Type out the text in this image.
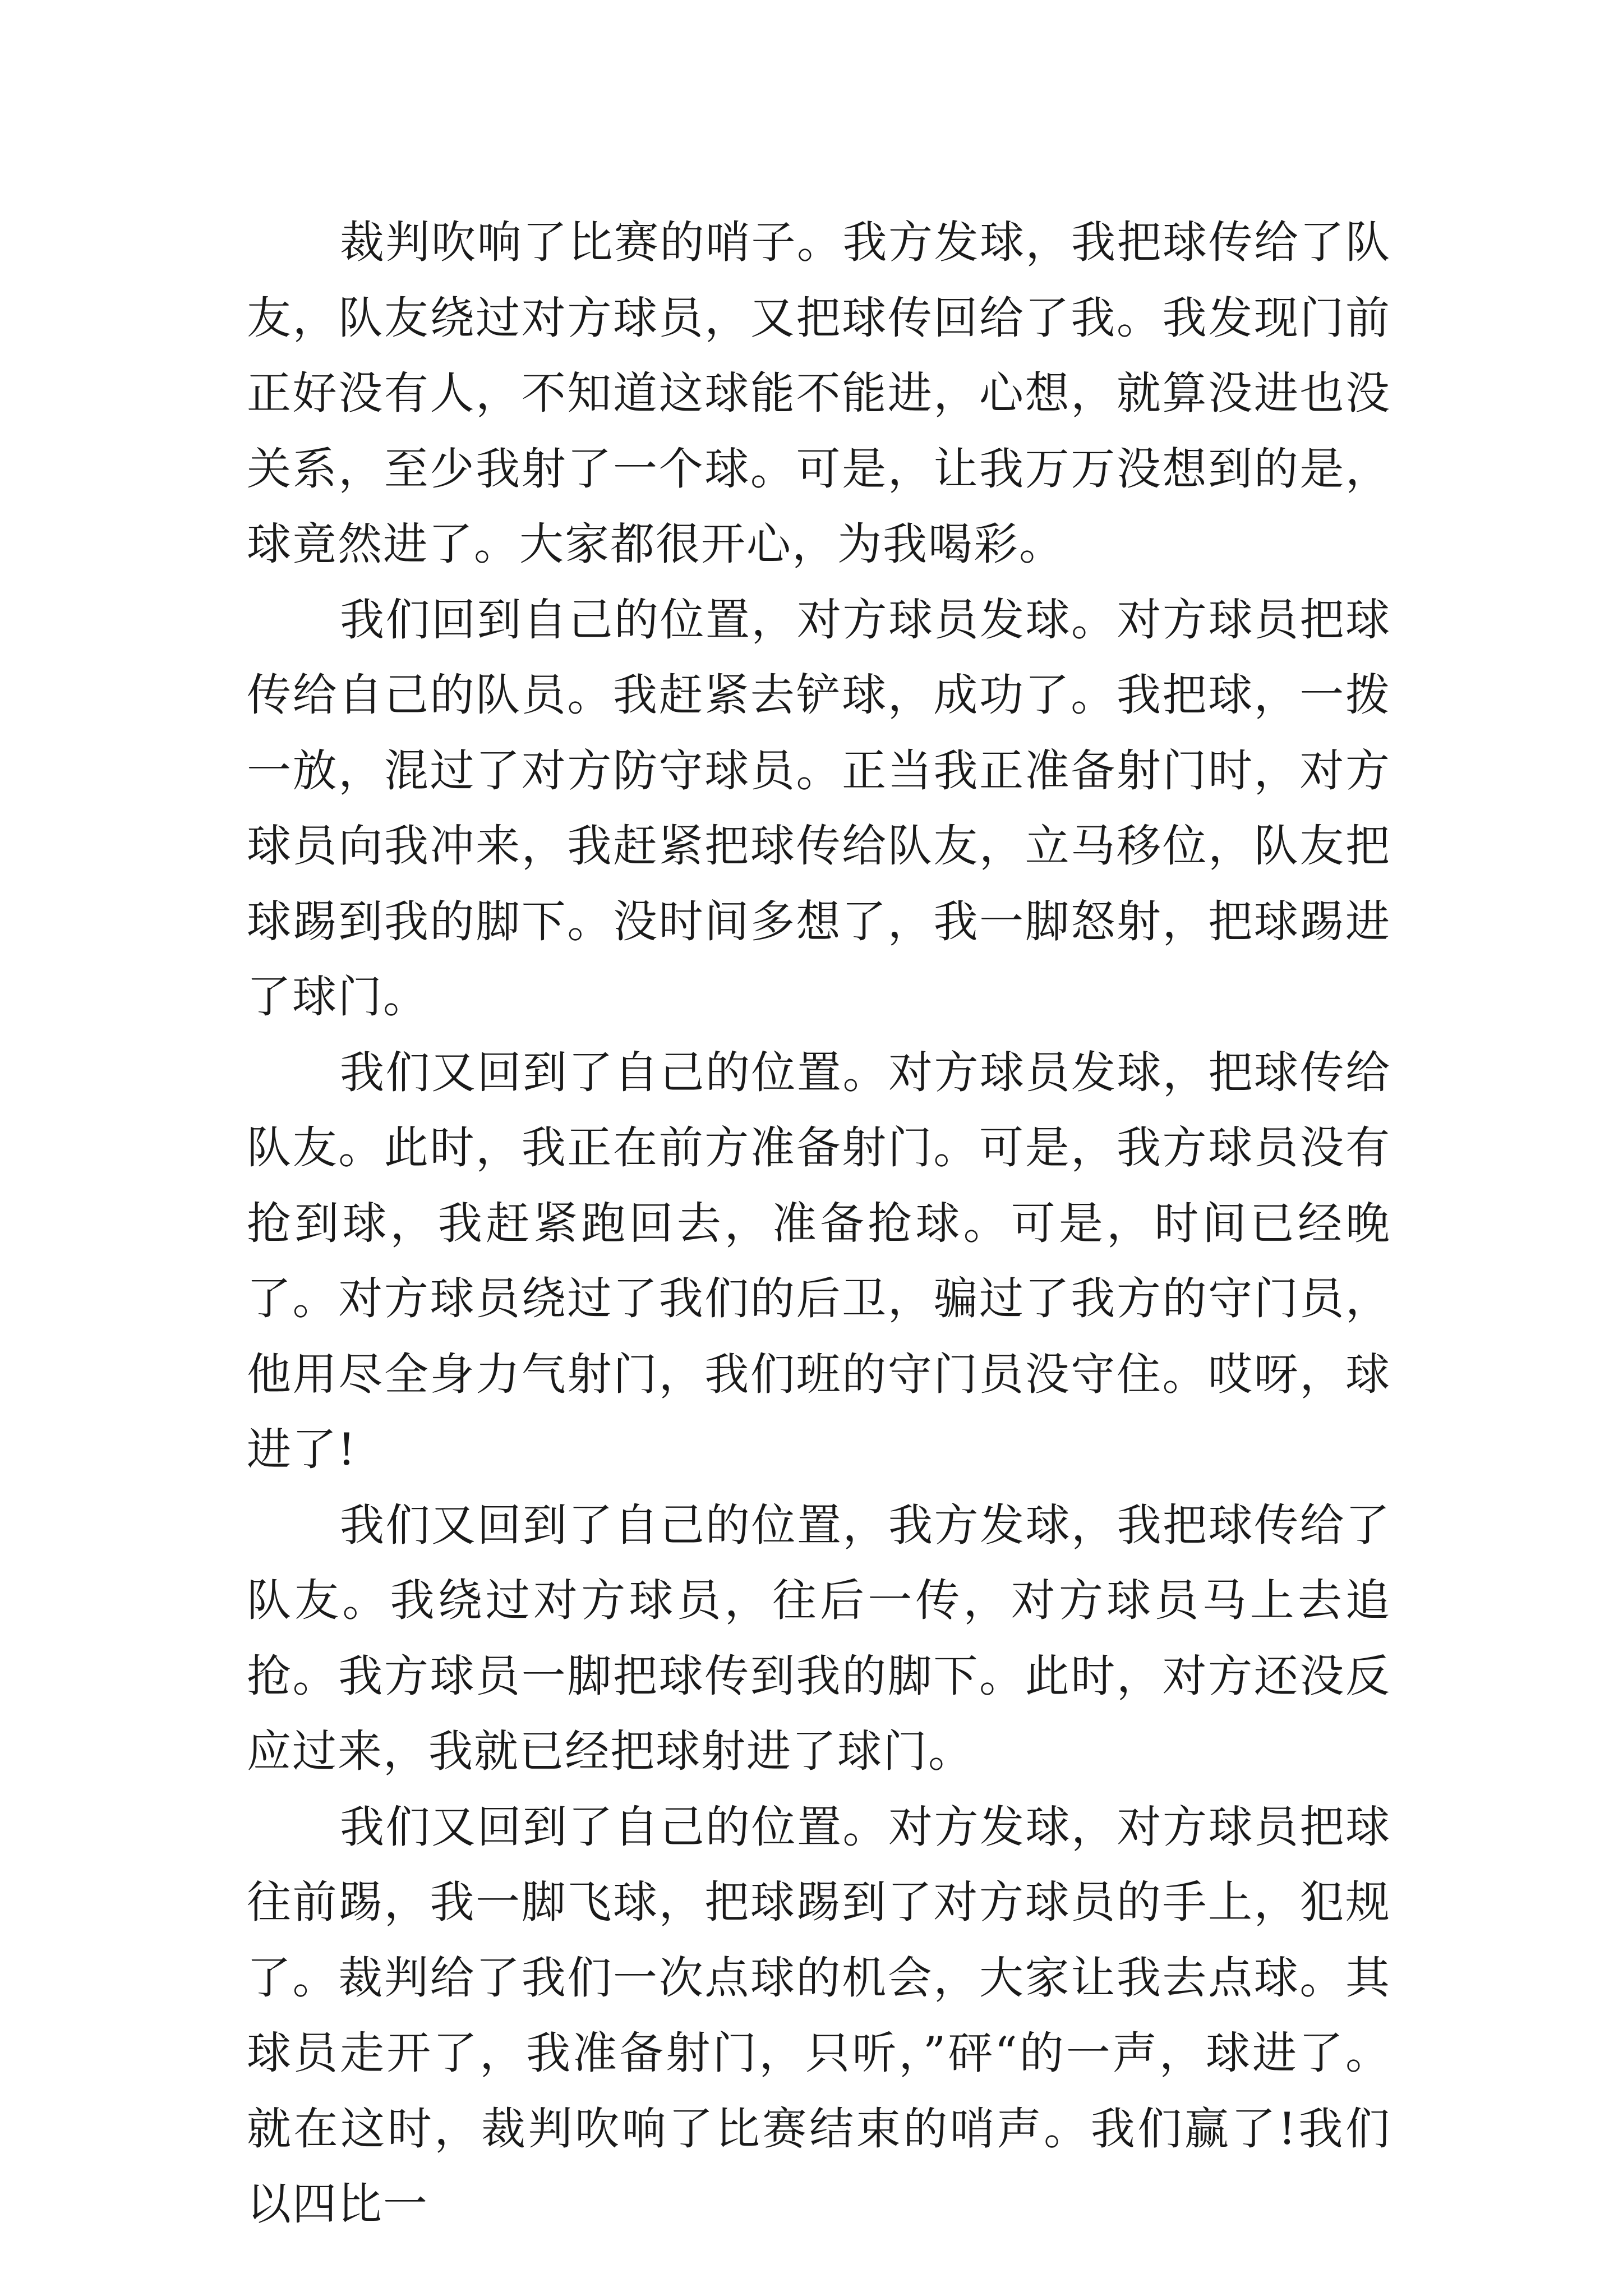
裁判吹响了比赛的哨子。我方发球，我把球传给了队友，队友绕过对方球员，又把球传回给了我。我发现门前正好没有人，不知道这球能不能进，心想，就算没进也没关系，至少我射了一个球。可是，让我万万没想到的是，球竟然进了。大家都很开心，为我喝彩。

我们回到自己的位置，对方球员发球。对方球员把球传给自己的队员。我赶紧去铲球，成功了。我把球，一拨一放，混过了对方防守球员。正当我正准备射门时，对方球员向我冲来，我赶紧把球传给队友，立马移位，队友把球踢到我的脚下。没时间多想了，我一脚怒射，把球踢进了球门。

我们又回到了自己的位置。对方球员发球，把球传给队友。此时，我正在前方准备射门。可是，我方球员没有抢到球，我赶紧跑回去，准备抢球。可是，时间已经晚了。对方球员绕过了我们的后卫，骗过了我方的守门员，他用尽全身力气射门，我们班的守门员没守住。哎呀，球进了!

我们又回到了自己的位置，我方发球，我把球传给了队友。我绕过对方球员，往后一传，对方球员马上去追抢。我方球员一脚把球传到我的脚下。此时，对方还没反应过来，我就已经把球射进了球门。

我们又回到了自己的位置。对方发球，对方球员把球往前踢，我一脚飞球，把球踢到了对方球员的手上，犯规了。裁判给了我们一次点球的机会，大家让我去点球。其球员走开了，我准备射门，只听，”砰“的一声，球进了。就在这时，裁判吹响了比赛结束的哨声。我们赢了!我们以四比一
